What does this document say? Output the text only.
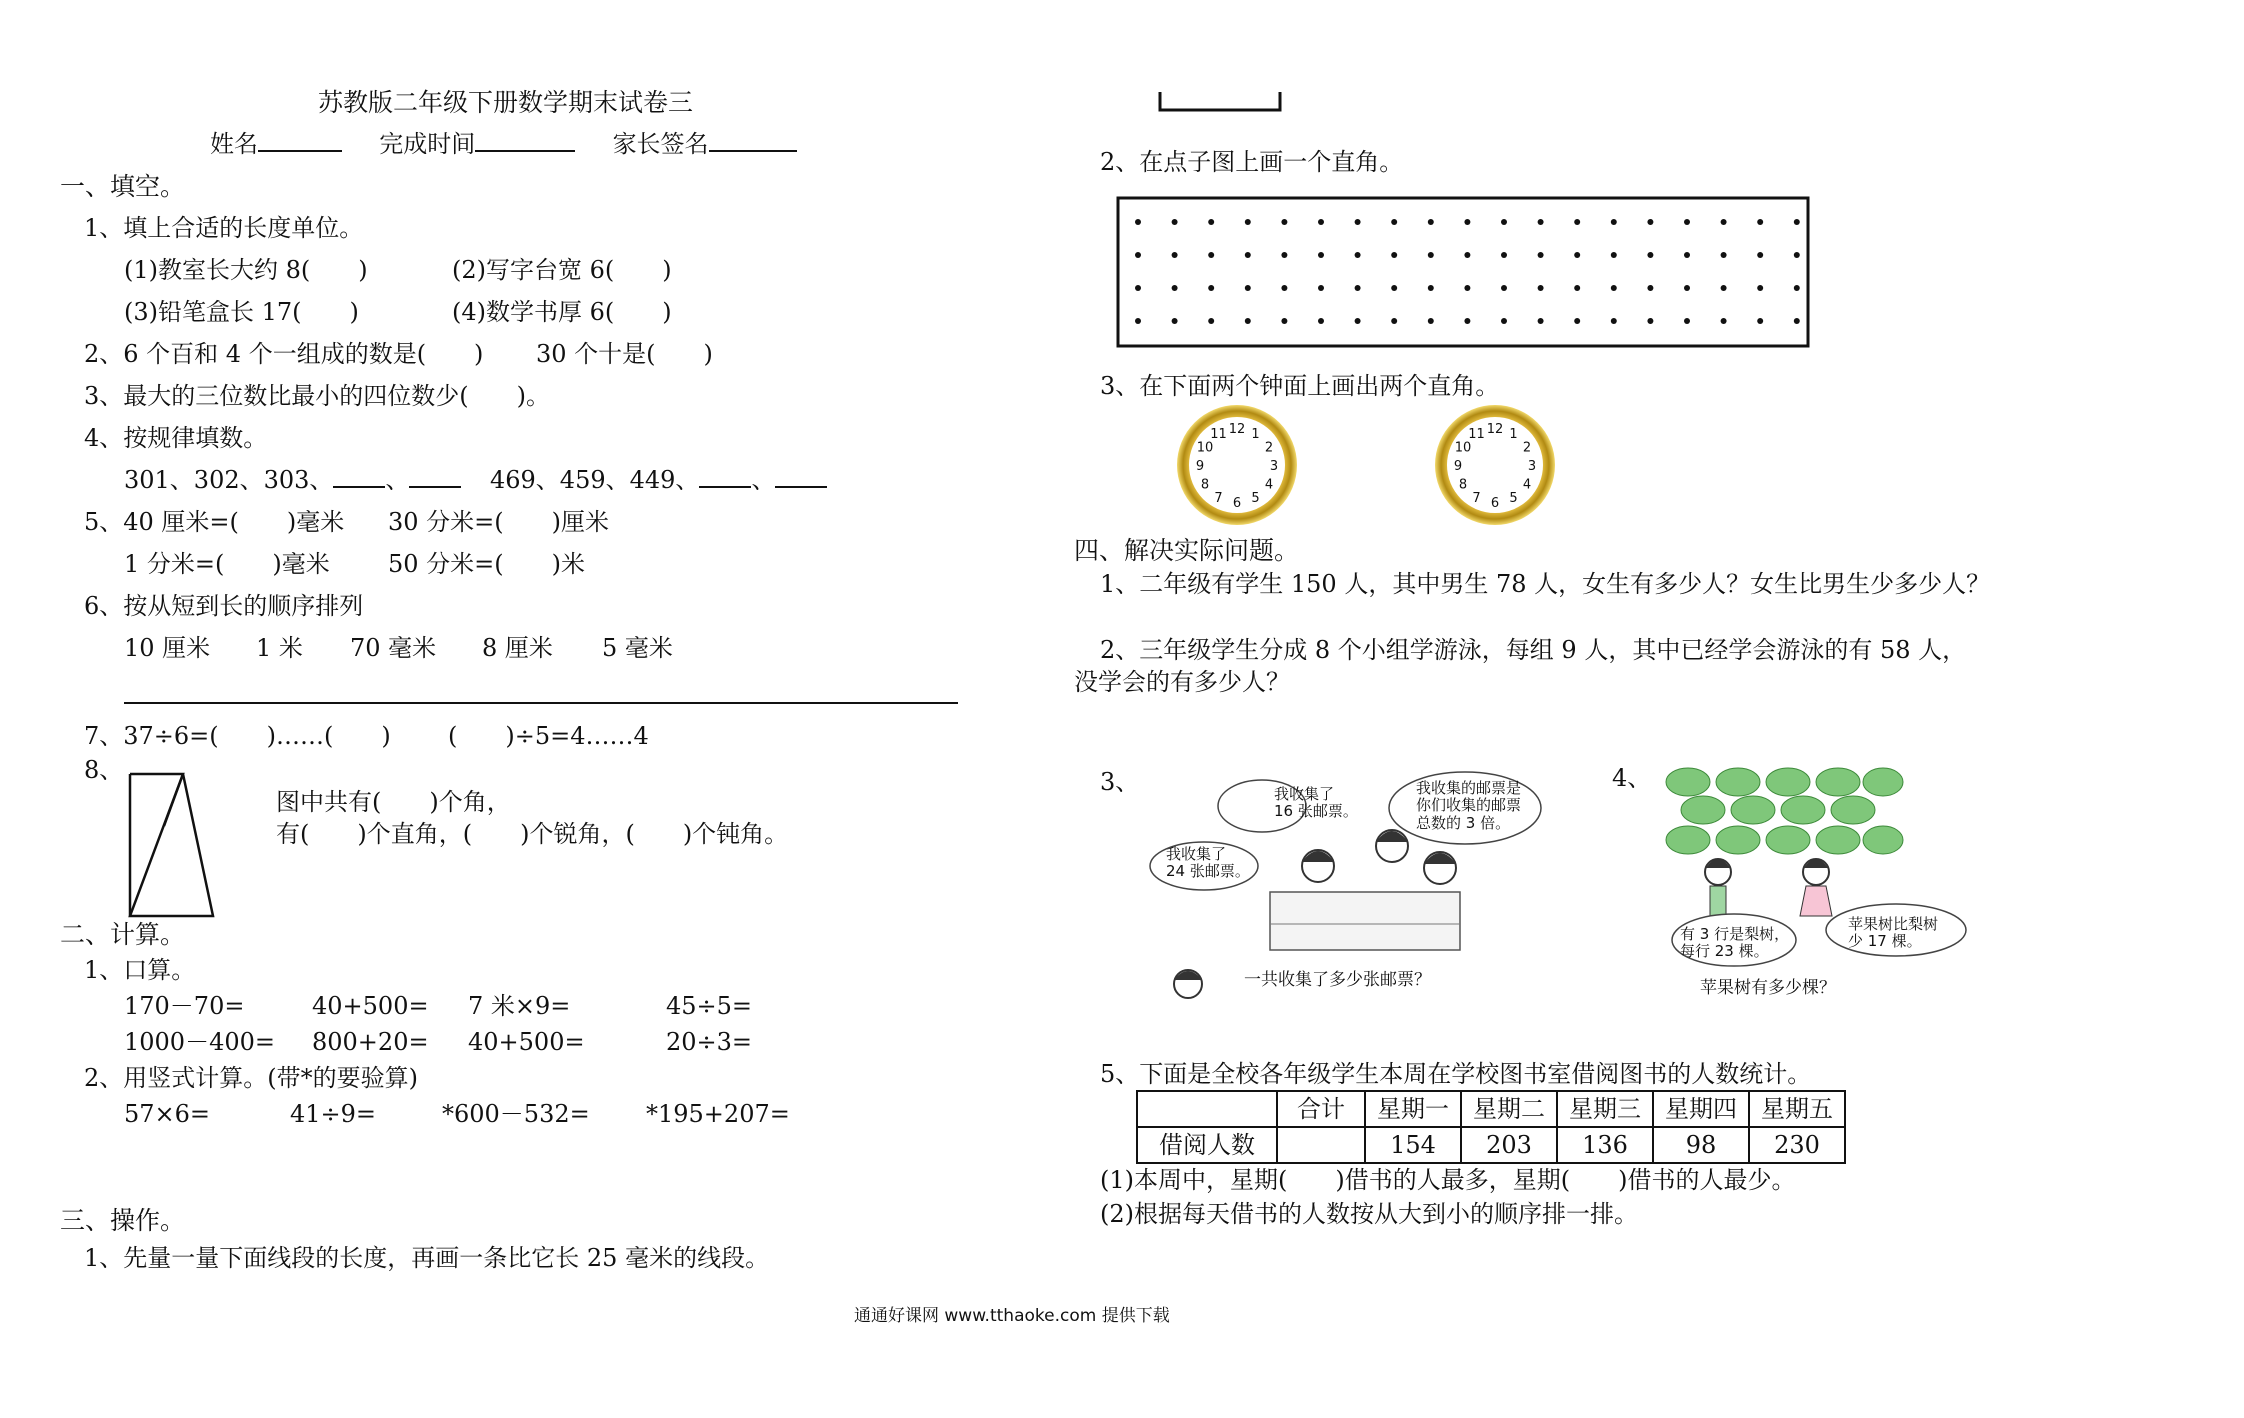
苏教版二年级下册数学期末试卷三
姓名	完成时间	家长签名
一、填空。
1、填上合适的长度单位。
(1)教室长大约 8(　　)	(2)写字台宽 6(　　)
(3)铅笔盒长 17(　　)	(4)数学书厚 6(　　)
2、6 个百和 4 个一组成的数是(　　) 30 个十是(　　)
3、最大的三位数比最小的四位数少(　　)。
4、按规律填数。
301、302、303、 、	469、459、449、 、
5、40 厘米=(　　)毫米 30 分米=(　　)厘米
1 分米=(　　)毫米 50 分米=(　　)米
6、按从短到长的顺序排列
10 厘米 1 米 70 毫米 8 厘米 5 毫米
7、37÷6=(　　)……(　　) (　　)÷5=4……4
8、
图中共有(　　)个角，
有(　　)个直角，(　　)个锐角，(　　)个钝角。
二、计算。
1、口算。
170－70=	40+500= 7 米×9=	45÷5=
1000－400= 800+20= 40+500=	20÷3=
2、用竖式计算。(带*的要验算)
57×6=	41÷9=	*600－532= *195+207=
三、操作。
1、先量一量下面线段的长度，再画一条比它长 25 毫米的线段。
2、在点子图上画一个直角。
3、在下面两个钟面上画出两个直角。
12 1
2
3
4
5
6
7
8
9
10
11	12 1
2
3
4
5
6
7
8
9
10
11
四、解决实际问题。
1、二年级有学生 150 人，其中男生 78 人，女生有多少人？女生比男生少多少人？
2、三年级学生分成 8 个小组学游泳，每组 9 人，其中已经学会游泳的有 58 人，
没学会的有多少人？
3、	我收集了
16 张邮票。
我收集的邮票是
你们收集的邮票
总数的 3 倍。
我收集了
24 张邮票。
一共收集了多少张邮票？
4、
有 3 行是梨树，
每行 23 棵。
苹果树比梨树
少 17 棵。
苹果树有多少棵？
5、下面是全校各年级学生本周在学校图书室借阅图书的人数统计。
	合计	星期一	星期二	星期三	星期四	星期五
借阅人数		154	203	136	98	230
(1)本周中，星期(　　)借书的人最多，星期(　　)借书的人最少。
(2)根据每天借书的人数按从大到小的顺序排一排。
通通好课网 www.tthaoke.com 提供下载
